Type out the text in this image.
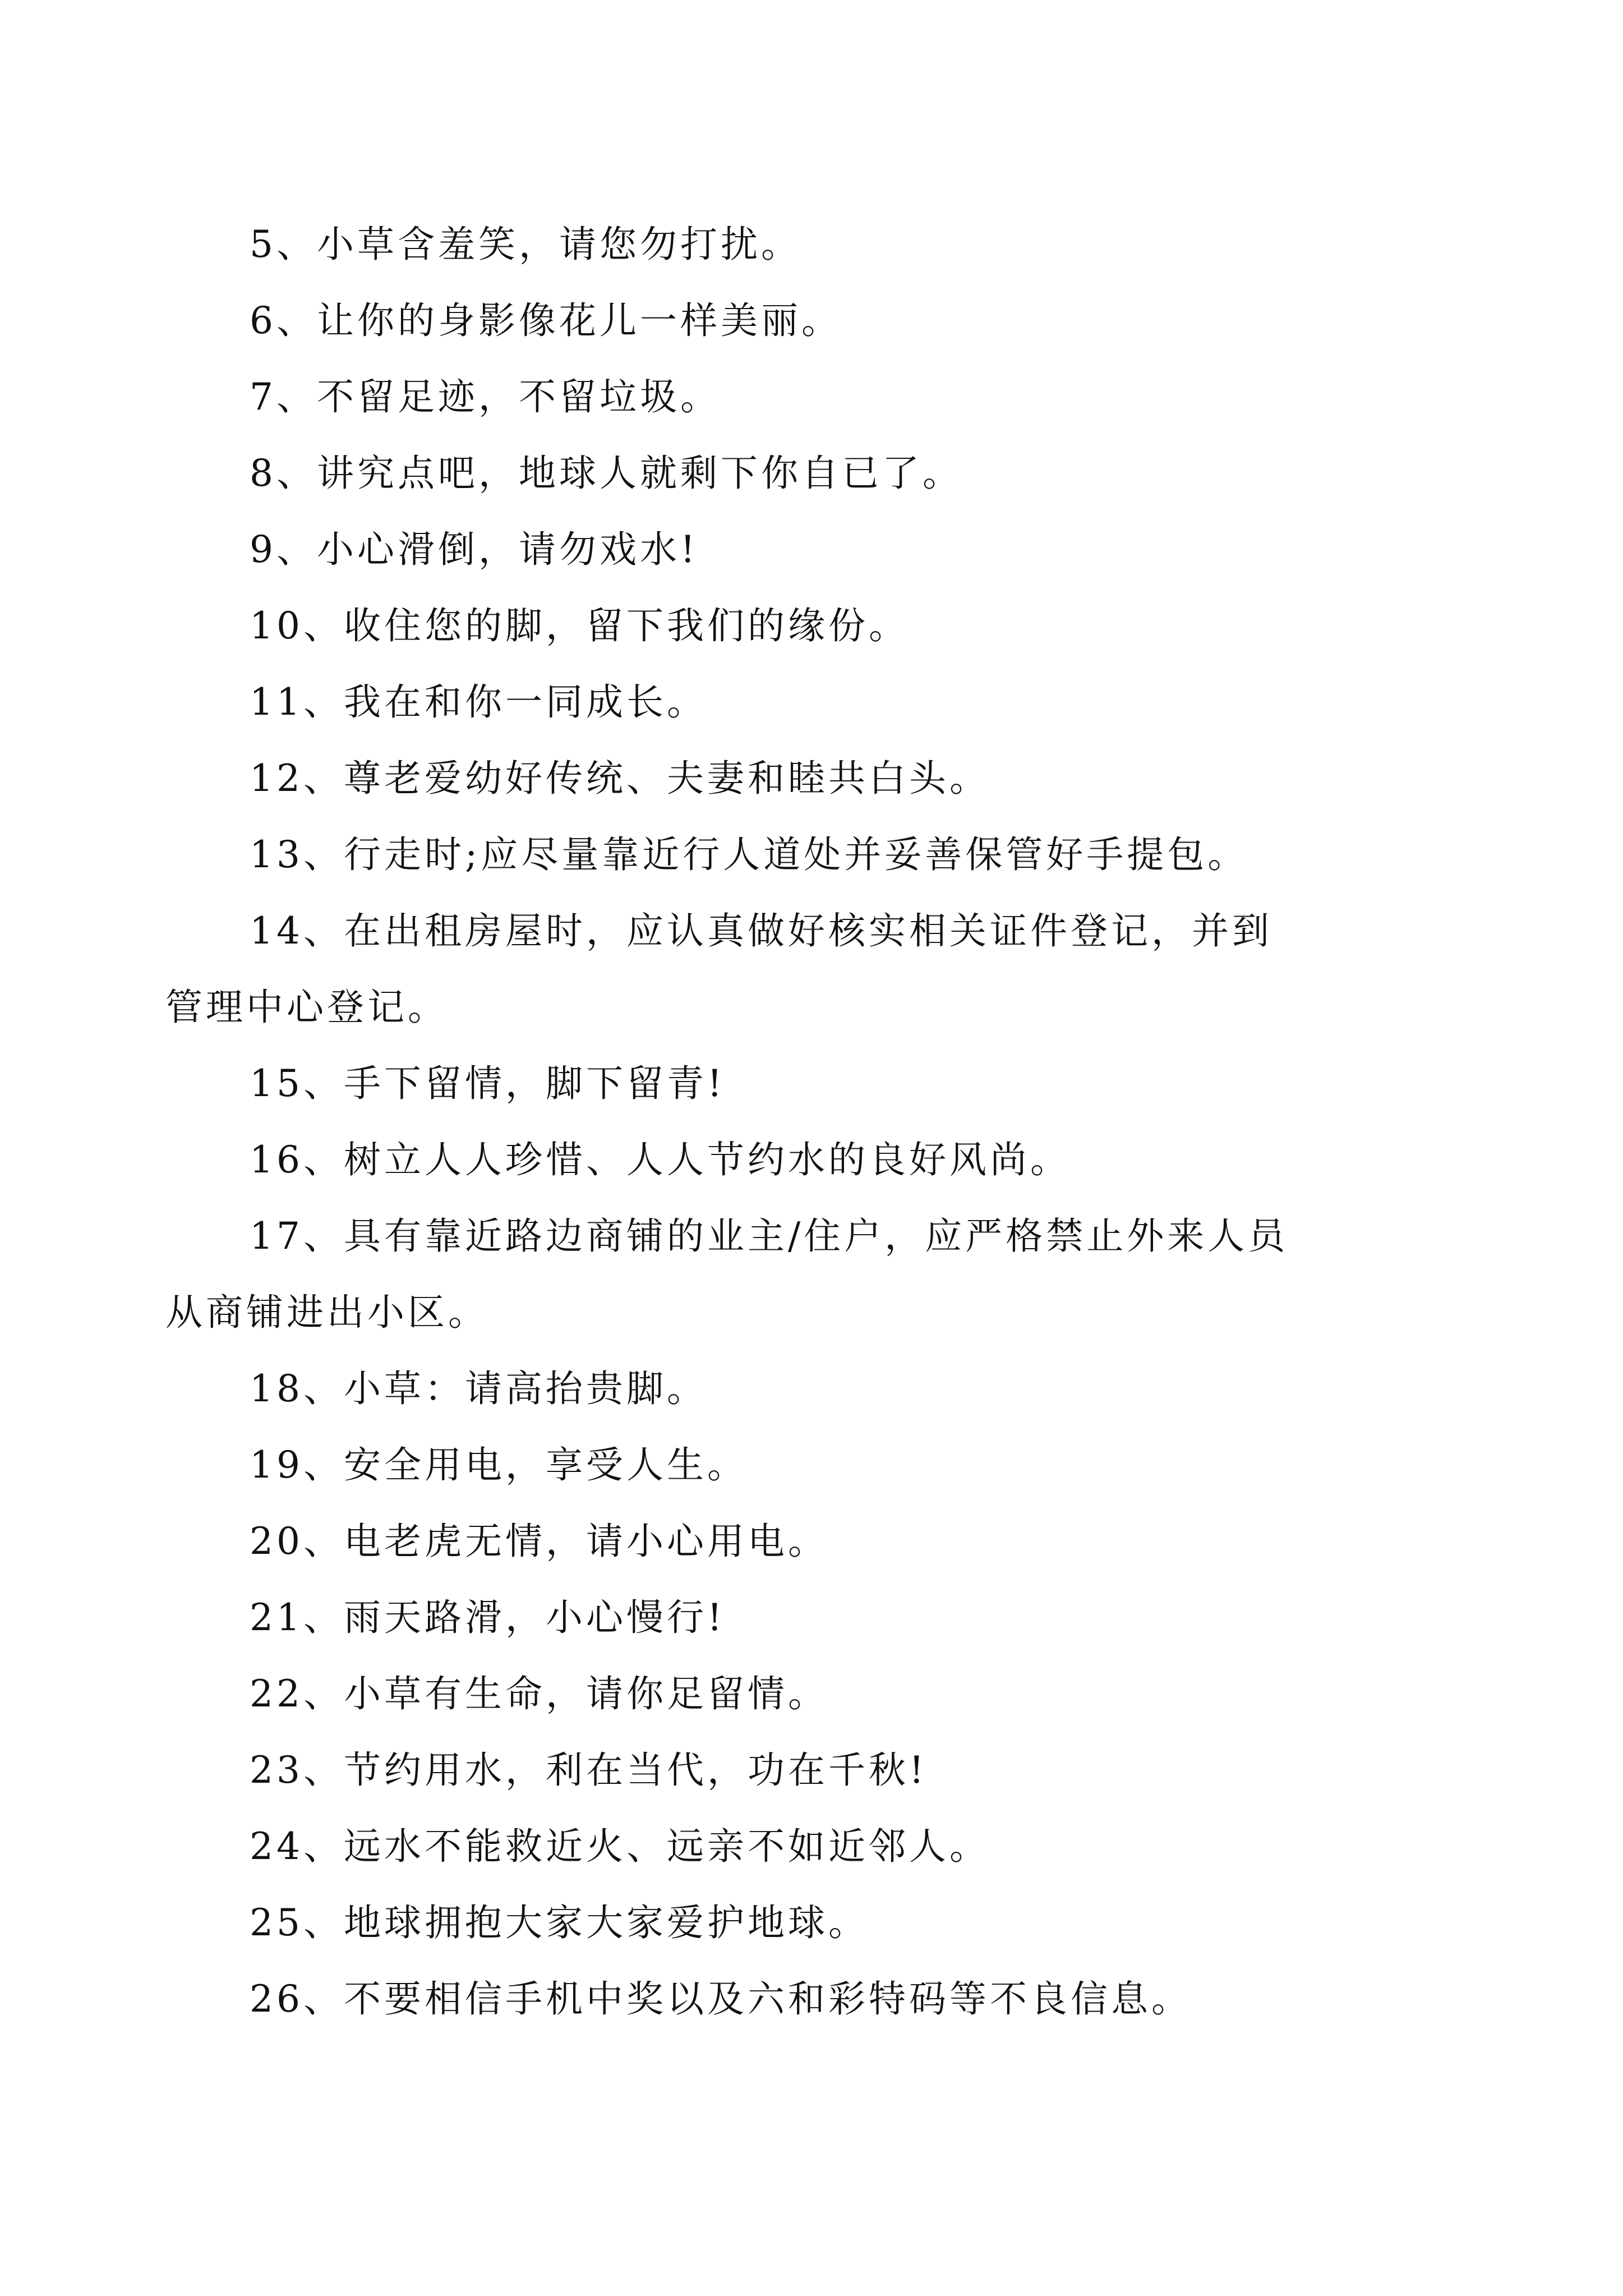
5、小草含羞笑，请您勿打扰。
6、让你的身影像花儿一样美丽。
7、不留足迹，不留垃圾。
8、讲究点吧，地球人就剩下你自已了。
9、小心滑倒，请勿戏水!
10、收住您的脚，留下我们的缘份。
11、我在和你一同成长。
12、尊老爱幼好传统、夫妻和睦共白头。
13、行走时;应尽量靠近行人道处并妥善保管好手提包。
14、在出租房屋时，应认真做好核实相关证件登记，并到管理中心登记。
15、手下留情，脚下留青!
16、树立人人珍惜、人人节约水的良好风尚。
17、具有靠近路边商铺的业主/住户，应严格禁止外来人员从商铺进出小区。
18、小草：请高抬贵脚。
19、安全用电，享受人生。
20、电老虎无情，请小心用电。
21、雨天路滑，小心慢行!
22、小草有生命，请你足留情。
23、节约用水，利在当代，功在千秋!
24、远水不能救近火、远亲不如近邻人。
25、地球拥抱大家大家爱护地球。
26、不要相信手机中奖以及六和彩特码等不良信息。
